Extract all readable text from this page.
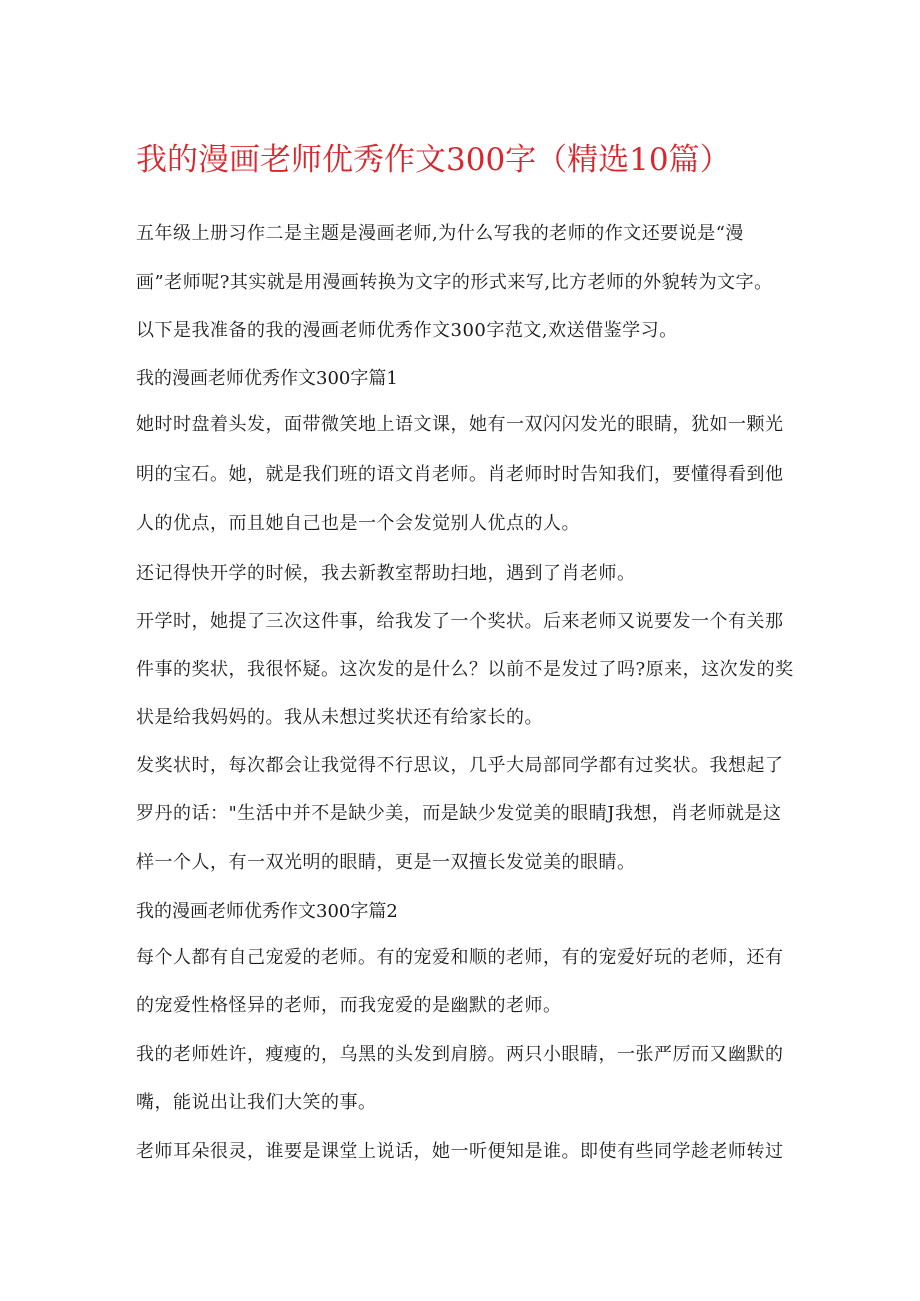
我的漫画老师优秀作文300字（精选10篇）
五年级上册习作二是主题是漫画老师,为什么写我的老师的作文还要说是“漫
画”老师呢?其实就是用漫画转换为文字的形式来写,比方老师的外貌转为文字。
以下是我准备的我的漫画老师优秀作文300字范文,欢送借鉴学习。
我的漫画老师优秀作文300字篇1
她时时盘着头发，面带微笑地上语文课，她有一双闪闪发光的眼睛，犹如一颗光
明的宝石。她，就是我们班的语文肖老师。肖老师时时告知我们，要懂得看到他
人的优点，而且她自己也是一个会发觉别人优点的人。
还记得快开学的时候，我去新教室帮助扫地，遇到了肖老师。
开学时，她提了三次这件事，给我发了一个奖状。后来老师又说要发一个有关那
件事的奖状，我很怀疑。这次发的是什么？以前不是发过了吗?原来，这次发的奖
状是给我妈妈的。我从未想过奖状还有给家长的。
发奖状时，每次都会让我觉得不行思议，几乎大局部同学都有过奖状。我想起了
罗丹的话："生活中并不是缺少美，而是缺少发觉美的眼睛J我想，肖老师就是这
样一个人，有一双光明的眼睛，更是一双擅长发觉美的眼睛。
我的漫画老师优秀作文300字篇2
每个人都有自己宠爱的老师。有的宠爱和顺的老师，有的宠爱好玩的老师，还有
的宠爱性格怪异的老师，而我宠爱的是幽默的老师。
我的老师姓许，瘦瘦的，乌黑的头发到肩膀。两只小眼睛，一张严厉而又幽默的
嘴，能说出让我们大笑的事。
老师耳朵很灵，谁要是课堂上说话，她一听便知是谁。即使有些同学趁老师转过
